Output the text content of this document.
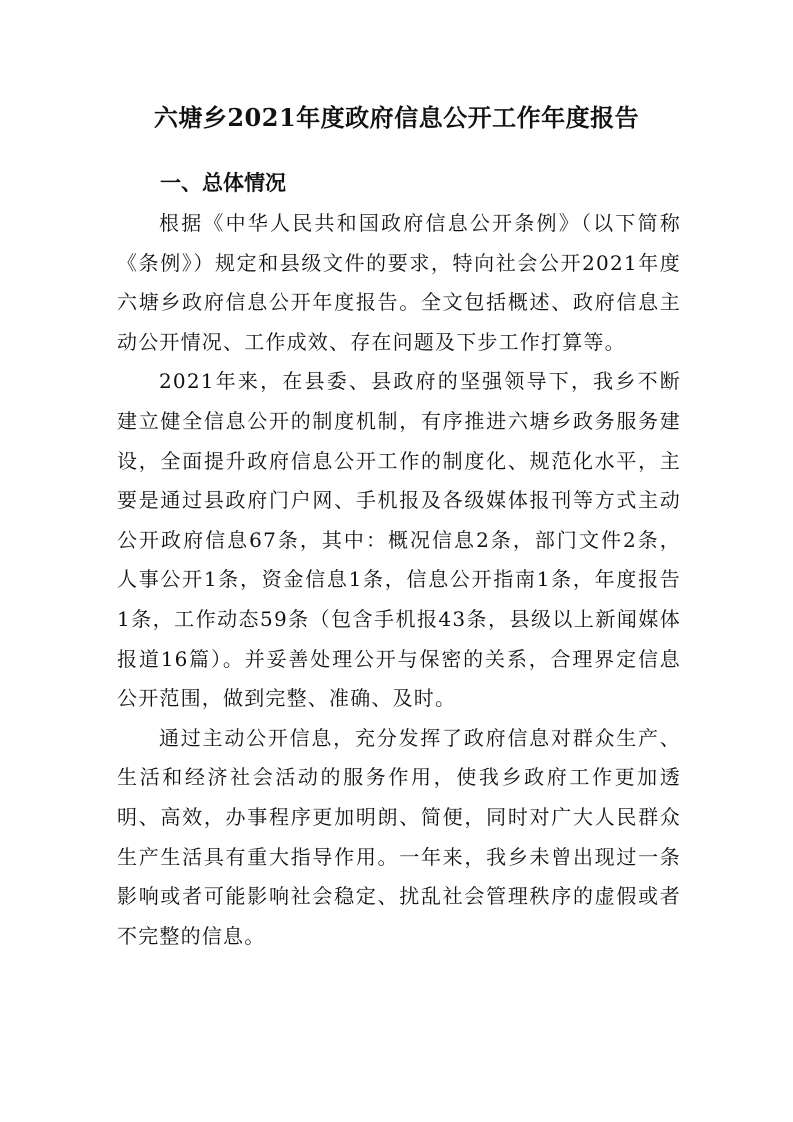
六塘乡2021年度政府信息公开工作年度报告
一、总体情况

根据《中华人民共和国政府信息公开条例》（以下简称《条例》）规定和县级文件的要求，特向社会公开2021年度六塘乡政府信息公开年度报告。全文包括概述、政府信息主动公开情况、工作成效、存在问题及下步工作打算等。

2021年来，在县委、县政府的坚强领导下，我乡不断建立健全信息公开的制度机制，有序推进六塘乡政务服务建设，全面提升政府信息公开工作的制度化、规范化水平，主要是通过县政府门户网、手机报及各级媒体报刊等方式主动公开政府信息67条，其中：概况信息2条，部门文件2条，人事公开1条，资金信息1条，信息公开指南1条，年度报告1条，工作动态59条（包含手机报43条，县级以上新闻媒体报道16篇）。并妥善处理公开与保密的关系，合理界定信息公开范围，做到完整、准确、及时。

通过主动公开信息，充分发挥了政府信息对群众生产、生活和经济社会活动的服务作用，使我乡政府工作更加透明、高效，办事程序更加明朗、简便，同时对广大人民群众生产生活具有重大指导作用。一年来，我乡未曾出现过一条影响或者可能影响社会稳定、扰乱社会管理秩序的虚假或者不完整的信息。
